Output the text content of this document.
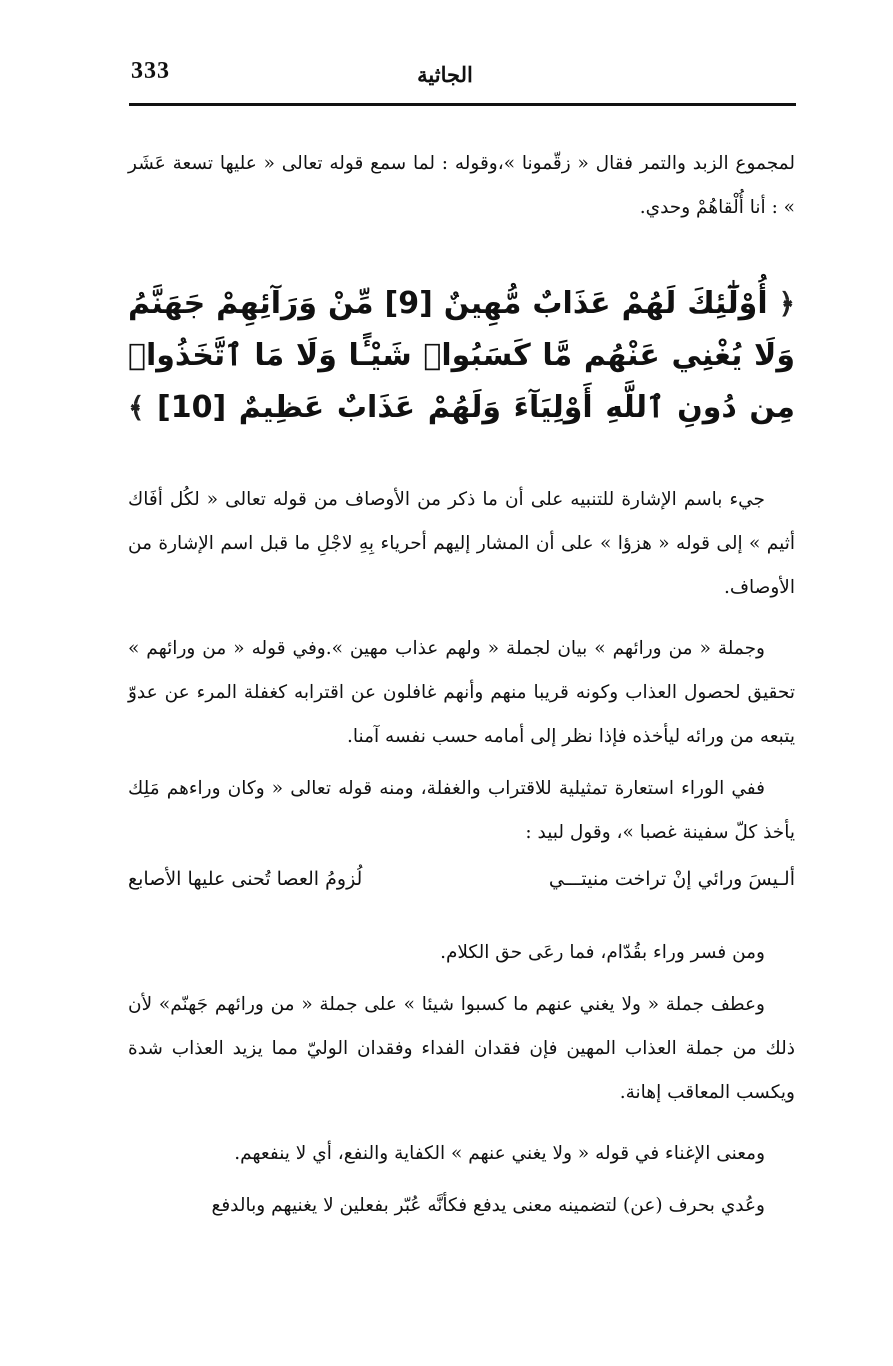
333	الجاثية

لمجموع الزبد والتمر فقال « زقّمونا »،وقوله : لما سمع قوله تعالى « عليها تسعة عَشَر » : أنا أُلْقاهُمْ وحدي.

﴿ أُوْلَٰٓئِكَ لَهُمْ عَذَابٌ مُّهِينٌ [9] مِّنْ وَرَآئِهِمْ جَهَنَّمُ وَلَا يُغْنِي عَنْهُم مَّا كَسَبُوا۟ شَيْـًٔا وَلَا مَا ٱتَّخَذُوا۟ مِن دُونِ ٱللَّهِ أَوْلِيَآءَ وَلَهُمْ عَذَابٌ عَظِيمٌ [10] ﴾

جيء باسم الإشارة للتنبيه على أن ما ذكر من الأوصاف من قوله تعالى « لكُل أفَاك أثيم » إلى قوله « هزؤا » على أن المشار إليهم أحرياء بِهِ لاجْلِ ما قبل اسم الإشارة من الأوصاف.

وجملة « من ورائهم » بيان لجملة « ولهم عذاب مهين ».وفي قوله « من ورائهم » تحقيق لحصول العذاب وكونه قريبا منهم وأنهم غافلون عن اقترابه كغفلة المرء عن عدوّ يتبعه من ورائه ليأخذه فإذا نظر إلى أمامه حسب نفسه آمنا.

ففي الوراء استعارة تمثيلية للاقتراب والغفلة، ومنه قوله تعالى « وكان وراءهم مَلِك يأخذ كلّ سفينة غصبا »، وقول لبيد :

ألـيسَ ورائي إنْ تراخت منيتـــي
لُزومُ العصا تُحنى عليها الأصابع

ومن فسر وراء بقُدّام، فما رعَى حق الكلام.

وعطف جملة « ولا يغني عنهم ما كسبوا شيئا » على جملة « من ورائهم جَهنّم» لأن ذلك من جملة العذاب المهين فإن فقدان الفداء وفقدان الوليّ مما يزيد العذاب شدة ويكسب المعاقب إهانة.

ومعنى الإغناء في قوله « ولا يغني عنهم » الكفاية والنفع، أي لا ينفعهم.

وعُدي بحرف (عن) لتضمينه معنى يدفع فكأنَّه عُبّر بفعلين لا يغنيهم وبالدفع
